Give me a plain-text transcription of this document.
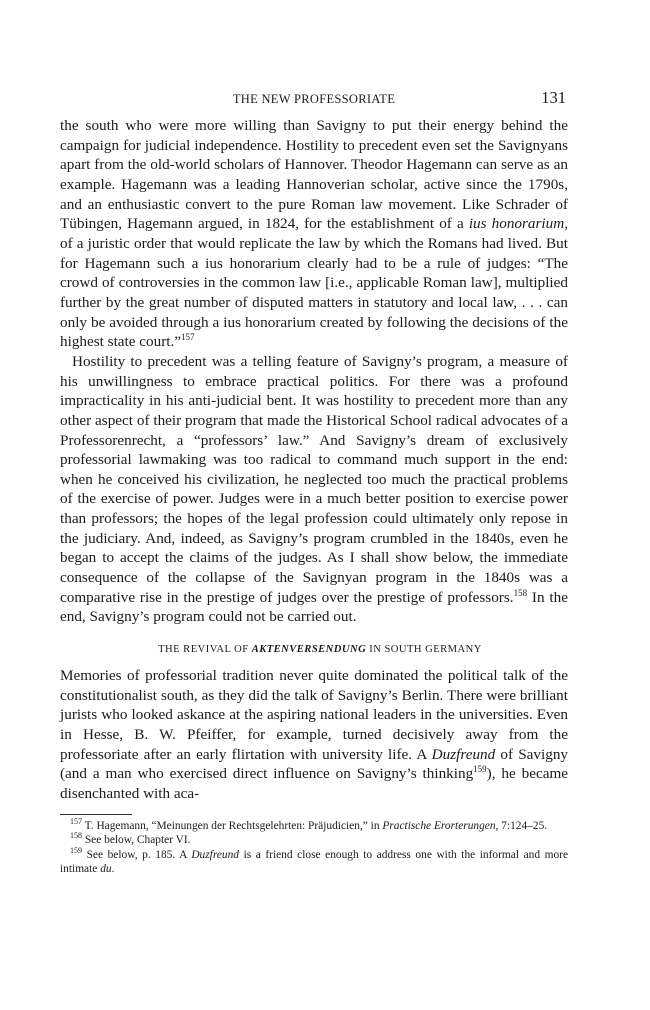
THE NEW PROFESSORIATE	131

the south who were more willing than Savigny to put their energy behind the campaign for judicial independence. Hostility to precedent even set the Savignyans apart from the old-world scholars of Hannover. Theodor Hagemann can serve as an example. Hagemann was a leading Hannoverian scholar, active since the 1790s, and an enthusiastic convert to the pure Roman law movement. Like Schrader of Tübingen, Hagemann argued, in 1824, for the establishment of a ius honorarium, of a juristic order that would replicate the law by which the Romans had lived. But for Hagemann such a ius honorarium clearly had to be a rule of judges: “The crowd of controversies in the common law [i.e., applicable Roman law], multiplied further by the great number of disputed matters in statutory and local law, . . . can only be avoided through a ius honorarium created by following the decisions of the highest state court.”$^{157}$

Hostility to precedent was a telling feature of Savigny’s program, a measure of his unwillingness to embrace practical politics. For there was a profound impracticality in his anti-judicial bent. It was hostility to precedent more than any other aspect of their program that made the Historical School radical advocates of a Professorenrecht, a “professors’ law.” And Savigny’s dream of exclusively professorial lawmaking was too radical to command much support in the end: when he conceived his civilization, he neglected too much the practical problems of the exercise of power. Judges were in a much better position to exercise power than professors; the hopes of the legal profession could ultimately only repose in the judiciary. And, indeed, as Savigny’s program crumbled in the 1840s, even he began to accept the claims of the judges. As I shall show below, the immediate consequence of the collapse of the Savignyan program in the 1840s was a comparative rise in the prestige of judges over the prestige of professors.$^{158}$ In the end, Savigny’s program could not be carried out.

THE REVIVAL OF AKTENVERSENDUNG IN SOUTH GERMANY

Memories of professorial tradition never quite dominated the political talk of the constitutionalist south, as they did the talk of Savigny’s Berlin. There were brilliant jurists who looked askance at the aspiring national leaders in the universities. Even in Hesse, B. W. Pfeiffer, for example, turned decisively away from the professoriate after an early flirtation with university life. A Duzfreund of Savigny (and a man who exercised direct influence on Savigny’s thinking$^{159}$), he became disenchanted with aca-

$^{157}$ T. Hagemann, “Meinungen der Rechtsgelehrten: Präjudicien,” in Practische Erorterungen, 7:124–25.

$^{158}$ See below, Chapter VI.

$^{159}$ See below, p. 185. A Duzfreund is a friend close enough to address one with the informal and more intimate du.
